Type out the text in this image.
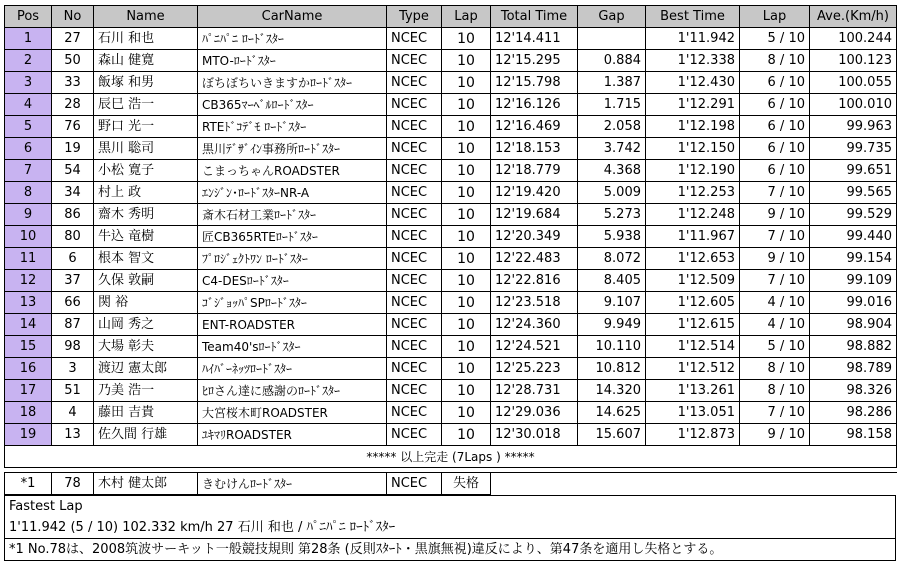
Pos	No	Name	CarName	Type	Lap	Total Time	Gap	Best Time	Lap	Ave.(Km/h)
1	27	石川 和也	ﾊﾟﾆﾊﾟﾆ ﾛｰﾄﾞｽﾀｰ	NCEC	10	12'14.411		1'11.942	5 / 10	100.244
2	50	森山 健寛	MTO-ﾛｰﾄﾞｽﾀｰ	NCEC	10	12'15.295	0.884	1'12.338	8 / 10	100.123
3	33	飯塚 和男	ぼちぼちいきますかﾛｰﾄﾞｽﾀｰ	NCEC	10	12'15.798	1.387	1'12.430	6 / 10	100.055
4	28	辰巳 浩一	CB365ﾏｰﾍﾞﾙﾛｰﾄﾞｽﾀｰ	NCEC	10	12'16.126	1.715	1'12.291	6 / 10	100.010
5	76	野口 光一	RTEﾄﾞｺﾃﾞﾓ ﾛｰﾄﾞｽﾀｰ	NCEC	10	12'16.469	2.058	1'12.198	6 / 10	99.963
6	19	黒川 聡司	黒川ﾃﾞｻﾞｲﾝ事務所ﾛｰﾄﾞｽﾀｰ	NCEC	10	12'18.153	3.742	1'12.150	6 / 10	99.735
7	54	小松 寛子	こまっちゃんROADSTER	NCEC	10	12'18.779	4.368	1'12.190	6 / 10	99.651
8	34	村上 政	ｴﾝｼﾞﾝ･ﾛｰﾄﾞｽﾀｰNR-A	NCEC	10	12'19.420	5.009	1'12.253	7 / 10	99.565
9	86	齋木 秀明	斎木石材工業ﾛｰﾄﾞｽﾀｰ	NCEC	10	12'19.684	5.273	1'12.248	9 / 10	99.529
10	80	牛込 竜樹	匠CB365RTEﾛｰﾄﾞｽﾀｰ	NCEC	10	12'20.349	5.938	1'11.967	7 / 10	99.440
11	6	根本 智文	ﾌﾟﾛｼﾞｪｸﾄﾜﾝ ﾛｰﾄﾞｽﾀｰ	NCEC	10	12'22.483	8.072	1'12.653	9 / 10	99.154
12	37	久保 敦嗣	C4-DESﾛｰﾄﾞｽﾀｰ	NCEC	10	12'22.816	8.405	1'12.509	7 / 10	99.109
13	66	関 裕	ｺﾞｼﾞｮｯﾊﾟSPﾛｰﾄﾞｽﾀｰ	NCEC	10	12'23.518	9.107	1'12.605	4 / 10	99.016
14	87	山岡 秀之	ENT-ROADSTER	NCEC	10	12'24.360	9.949	1'12.615	4 / 10	98.904
15	98	大場 彰夫	Team40'sﾛｰﾄﾞｽﾀｰ	NCEC	10	12'24.521	10.110	1'12.514	5 / 10	98.882
16	3	渡辺 憲太郎	ﾊｲﾊﾞｰﾈｯﾂﾛｰﾄﾞｽﾀｰ	NCEC	10	12'25.223	10.812	1'12.512	8 / 10	98.789
17	51	乃美 浩一	ﾋﾛさん達に感謝のﾛｰﾄﾞｽﾀｰ	NCEC	10	12'28.731	14.320	1'13.261	8 / 10	98.326
18	4	藤田 吉貴	大宮桜木町ROADSTER	NCEC	10	12'29.036	14.625	1'13.051	7 / 10	98.286
19	13	佐久間 行雄	ﾕｷﾏﾘROADSTER	NCEC	10	12'30.018	15.607	1'12.873	9 / 10	98.158
***** 以上完走 (7Laps ) *****										

*1	78	木村 健太郎	きむけんﾛｰﾄﾞｽﾀｰ	NCEC	失格					
Fastest Lap
1'11.942 (5 / 10) 102.332 km/h 27 石川 和也 / ﾊﾟﾆﾊﾟﾆ ﾛｰﾄﾞｽﾀｰ
*1 No.78は、2008筑波サーキット一般競技規則 第28条 (反則ｽﾀｰﾄ・黒旗無視)違反により、第47条を適用し失格とする。
